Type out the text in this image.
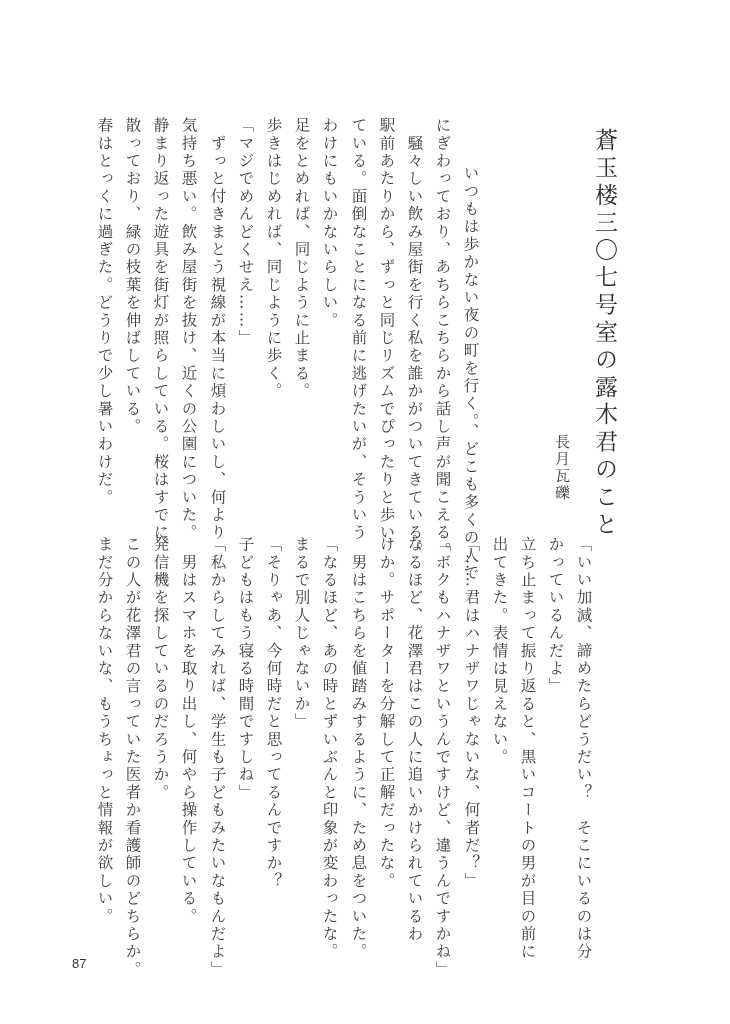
蒼玉楼三〇七号室の露木君のこと
長月瓦礫
いつもは歩かない夜の町を行く。、どこも多くの人で
にぎわっており、あちらこちらから話し声が聞こえる。
　騒々しい飲み屋街を行く私を誰かがついてきている。
駅前あたりから、ずっと同じリズムでぴったりと歩い
ている。面倒なことになる前に逃げたいが、そういう
わけにもいかないらしい。
足をとめれば、同じように止まる。
歩きはじめれば、同じように歩く。
「マジでめんどくせえ……」
　ずっと付きまとう視線が本当に煩わしいし、何より
気持ち悪い。飲み屋街を抜け、近くの公園についた。
静まり返った遊具を街灯が照らしている。桜はすでに
散っており、緑の枝葉を伸ばしている。
春はとっくに過ぎた。どうりで少し暑いわけだ。
「いい加減、諦めたらどうだい？　そこにいるのは分
かっているんだよ」
立ち止まって振り返ると、黒いコートの男が目の前に
出てきた。表情は見えない。
「……君はハナザワじゃないな、何者だ？」
「ボクもハナザワというんですけど、違うんですかね」
なるほど、花澤君はこの人に追いかけられているわ
けか。サポーターを分解して正解だったな。
　男はこちらを値踏みするように、ため息をついた。
「なるほど、あの時とずいぶんと印象が変わったな。
まるで別人じゃないか」
「そりゃあ、今何時だと思ってるんですか？
子どもはもう寝る時間ですしね」
「私からしてみれば、学生も子どもみたいなもんだよ」
　男はスマホを取り出し、何やら操作している。
発信機を探しているのだろうか。
この人が花澤君の言っていた医者か看護師のどちらか。
まだ分からないな、もうちょっと情報が欲しい。
87
